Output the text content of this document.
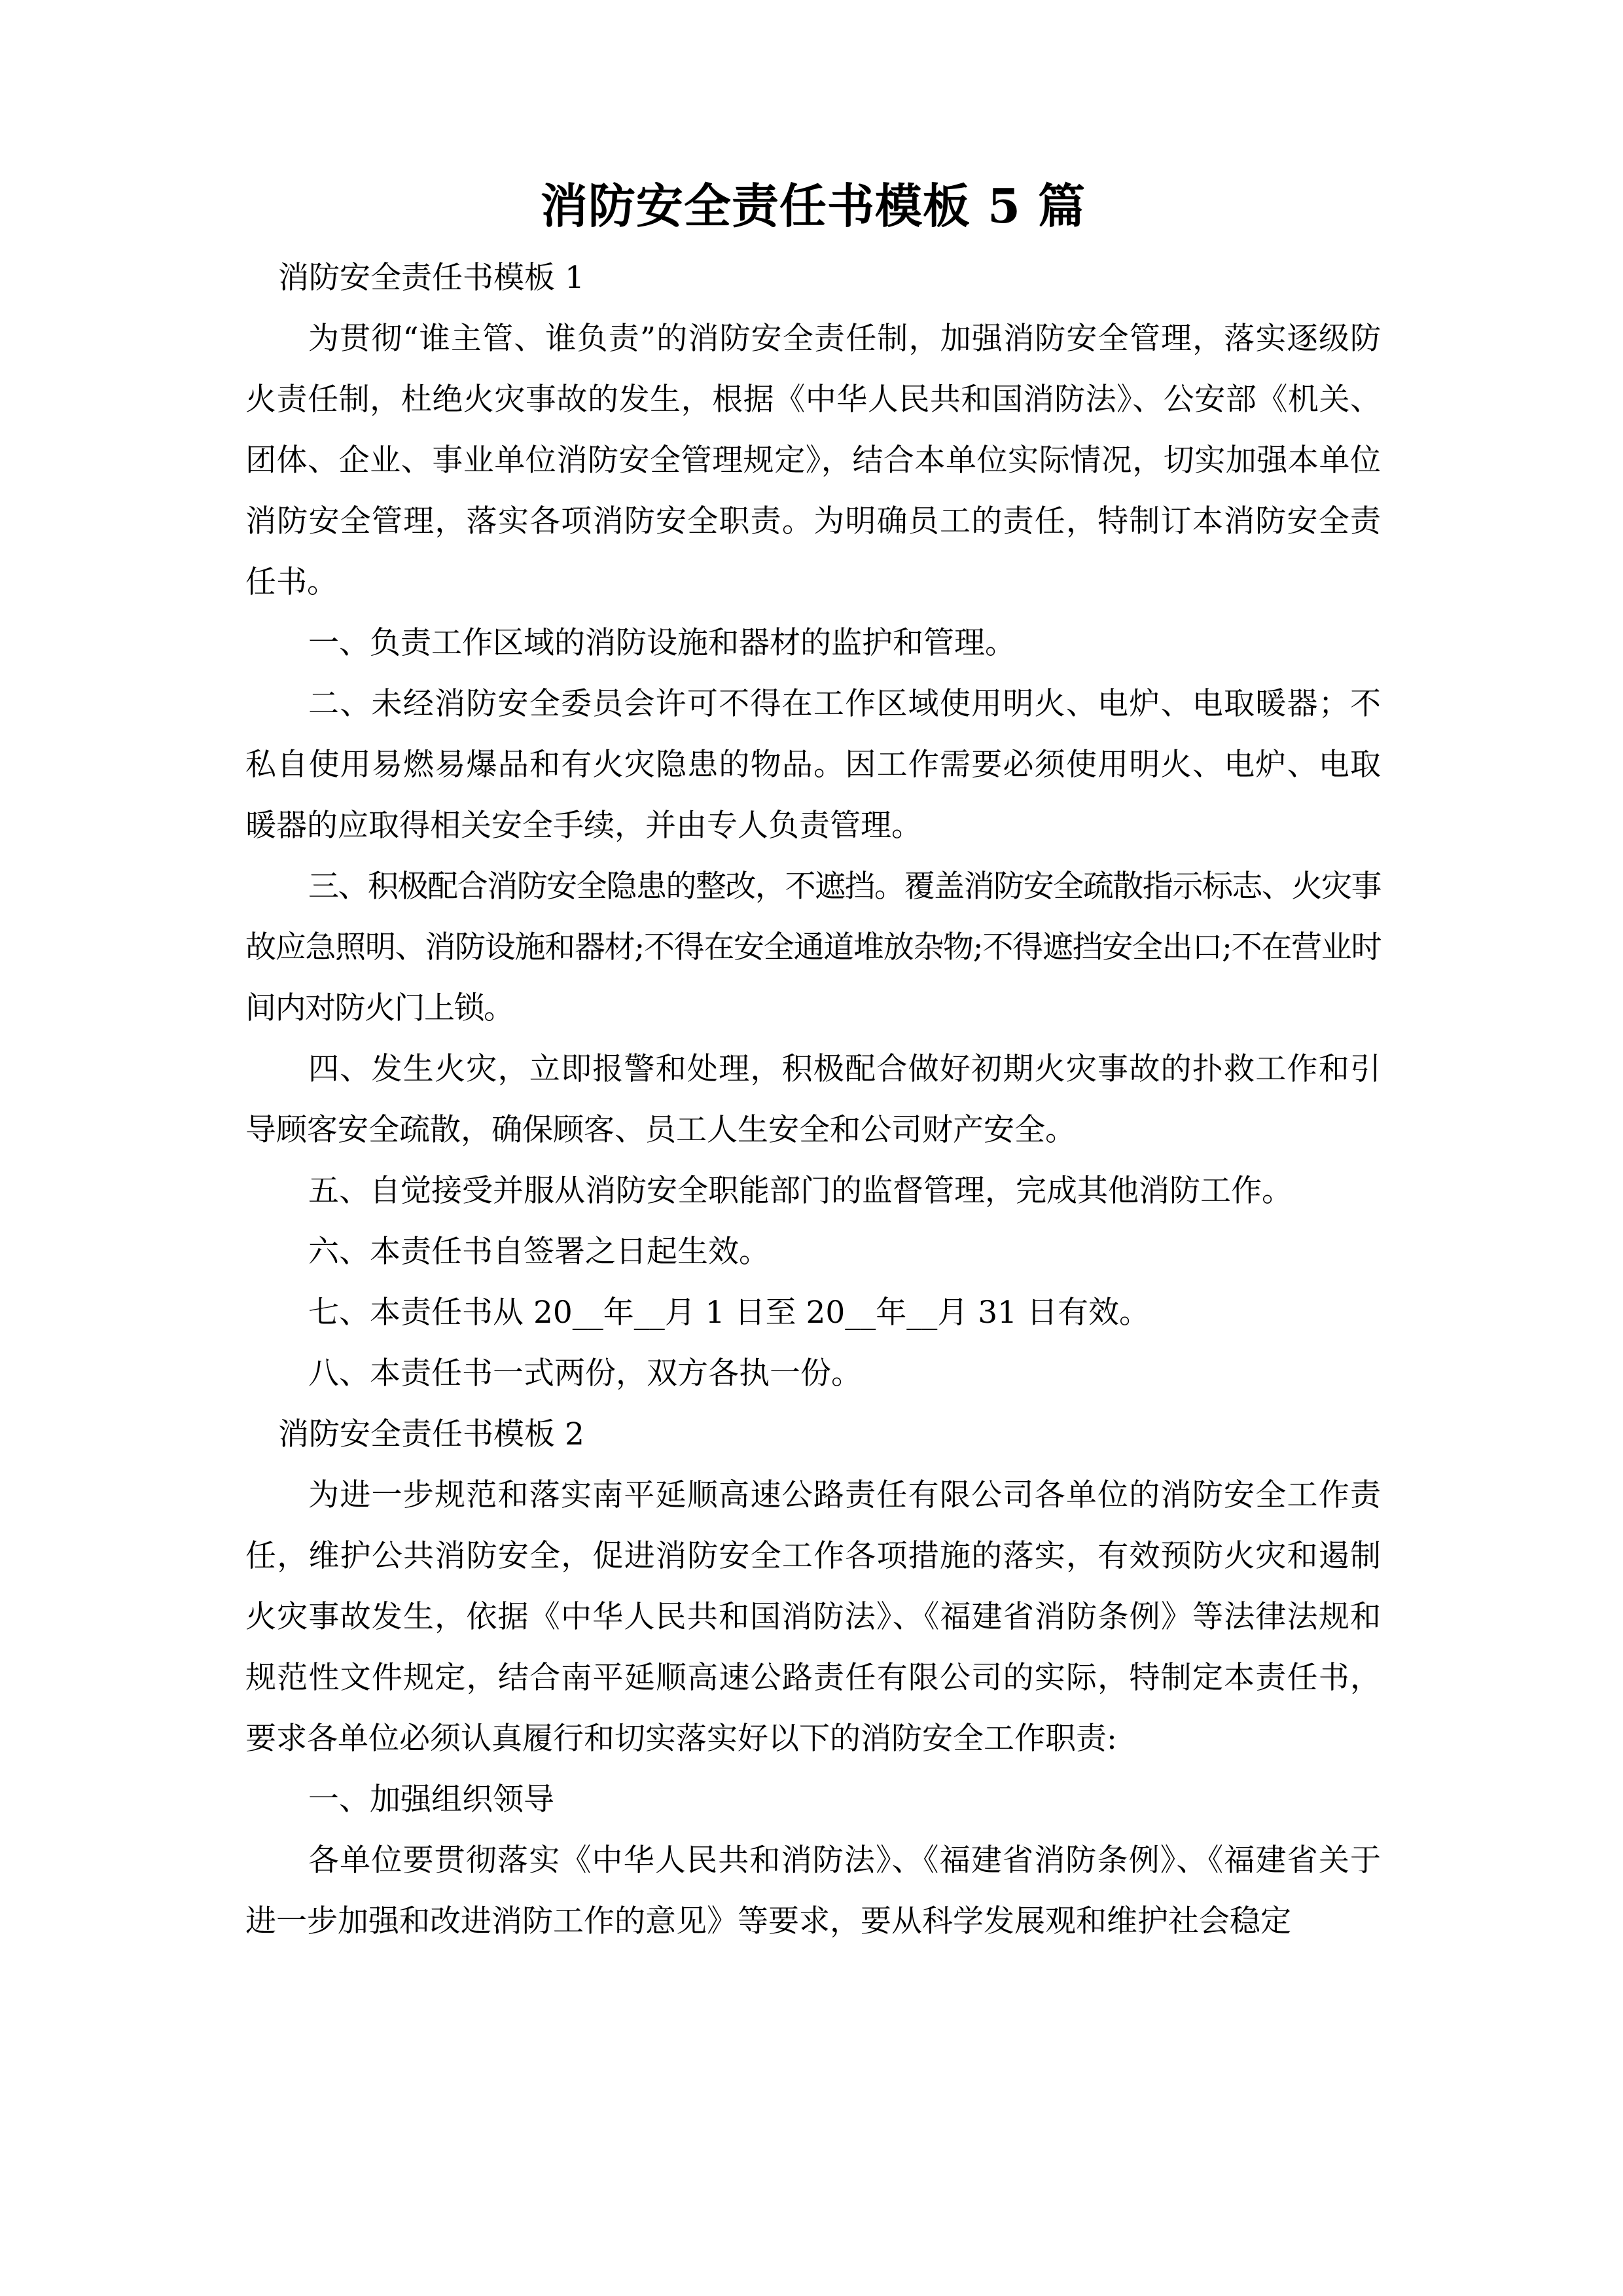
消防安全责任书模板 5 篇
消防安全责任书模板 1

为贯彻“谁主管、谁负责”的消防安全责任制，加强消防安全管理，落实逐级防火责任制，杜绝火灾事故的发生，根据《中华人民共和国消防法》、公安部《机关、团体、企业、事业单位消防安全管理规定》，结合本单位实际情况，切实加强本单位消防安全管理，落实各项消防安全职责。为明确员工的责任，特制订本消防安全责任书。

一、负责工作区域的消防设施和器材的监护和管理。

二、未经消防安全委员会许可不得在工作区域使用明火、电炉、电取暖器；不私自使用易燃易爆品和有火灾隐患的物品。因工作需要必须使用明火、电炉、电取暖器的应取得相关安全手续，并由专人负责管理。

三、积极配合消防安全隐患的整改，不遮挡。覆盖消防安全疏散指示标志、火灾事故应急照明、消防设施和器材;不得在安全通道堆放杂物;不得遮挡安全出口;不在营业时间内对防火门上锁。

四、发生火灾，立即报警和处理，积极配合做好初期火灾事故的扑救工作和引导顾客安全疏散，确保顾客、员工人生安全和公司财产安全。

五、自觉接受并服从消防安全职能部门的监督管理，完成其他消防工作。

六、本责任书自签署之日起生效。

七、本责任书从 20__年__月 1 日至 20__年__月 31 日有效。

八、本责任书一式两份，双方各执一份。

消防安全责任书模板 2

为进一步规范和落实南平延顺高速公路责任有限公司各单位的消防安全工作责任，维护公共消防安全，促进消防安全工作各项措施的落实，有效预防火灾和遏制火灾事故发生，依据《中华人民共和国消防法》、《福建省消防条例》等法律法规和规范性文件规定，结合南平延顺高速公路责任有限公司的实际，特制定本责任书，要求各单位必须认真履行和切实落实好以下的消防安全工作职责:

一、加强组织领导

各单位要贯彻落实《中华人民共和消防法》、《福建省消防条例》、《福建省关于进一步加强和改进消防工作的意见》等要求，要从科学发展观和维护社会稳定
